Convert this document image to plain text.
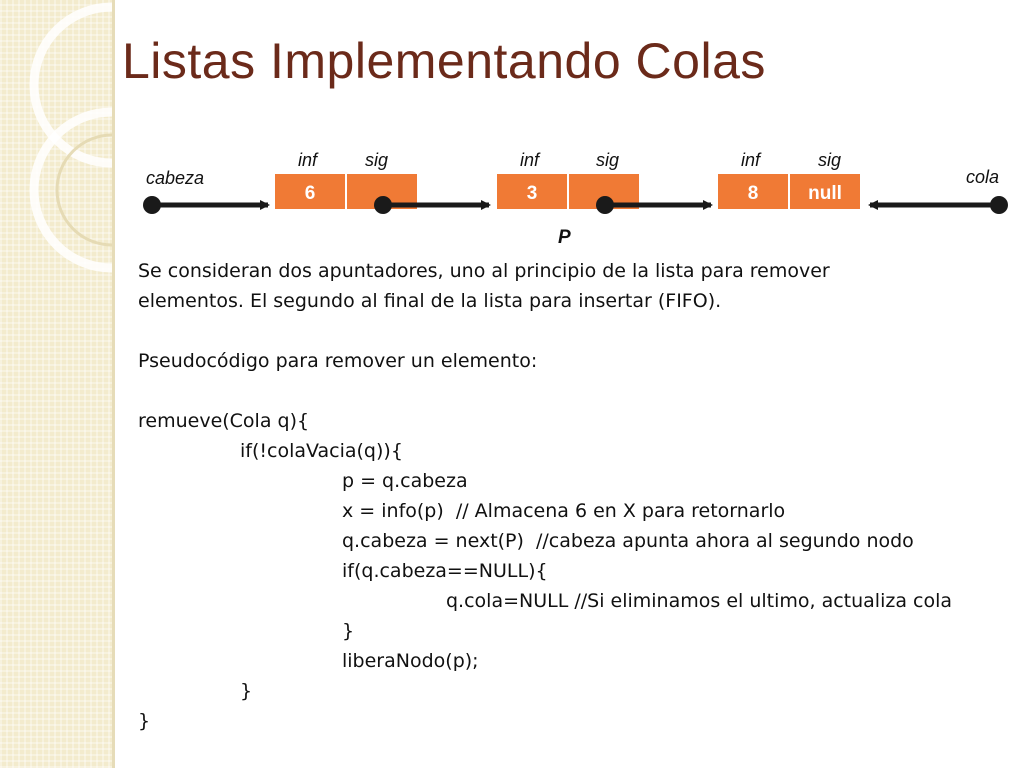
Listas Implementando Colas
cabeza
inf	sig
6
inf	sig
3
P
inf	sig
8	null
cola
Se consideran dos apuntadores, uno al principio de la lista para remover
elementos. El segundo al final de la lista para insertar (FIFO).
Pseudocódigo para remover un elemento:
remueve(Cola q){
if(!colaVacia(q)){
p = q.cabeza
x = info(p)  // Almacena 6 en X para retornarlo
q.cabeza = next(P)  //cabeza apunta ahora al segundo nodo
if(q.cabeza==NULL){
q.cola=NULL //Si eliminamos el ultimo, actualiza cola
}
liberaNodo(p);
}
}
